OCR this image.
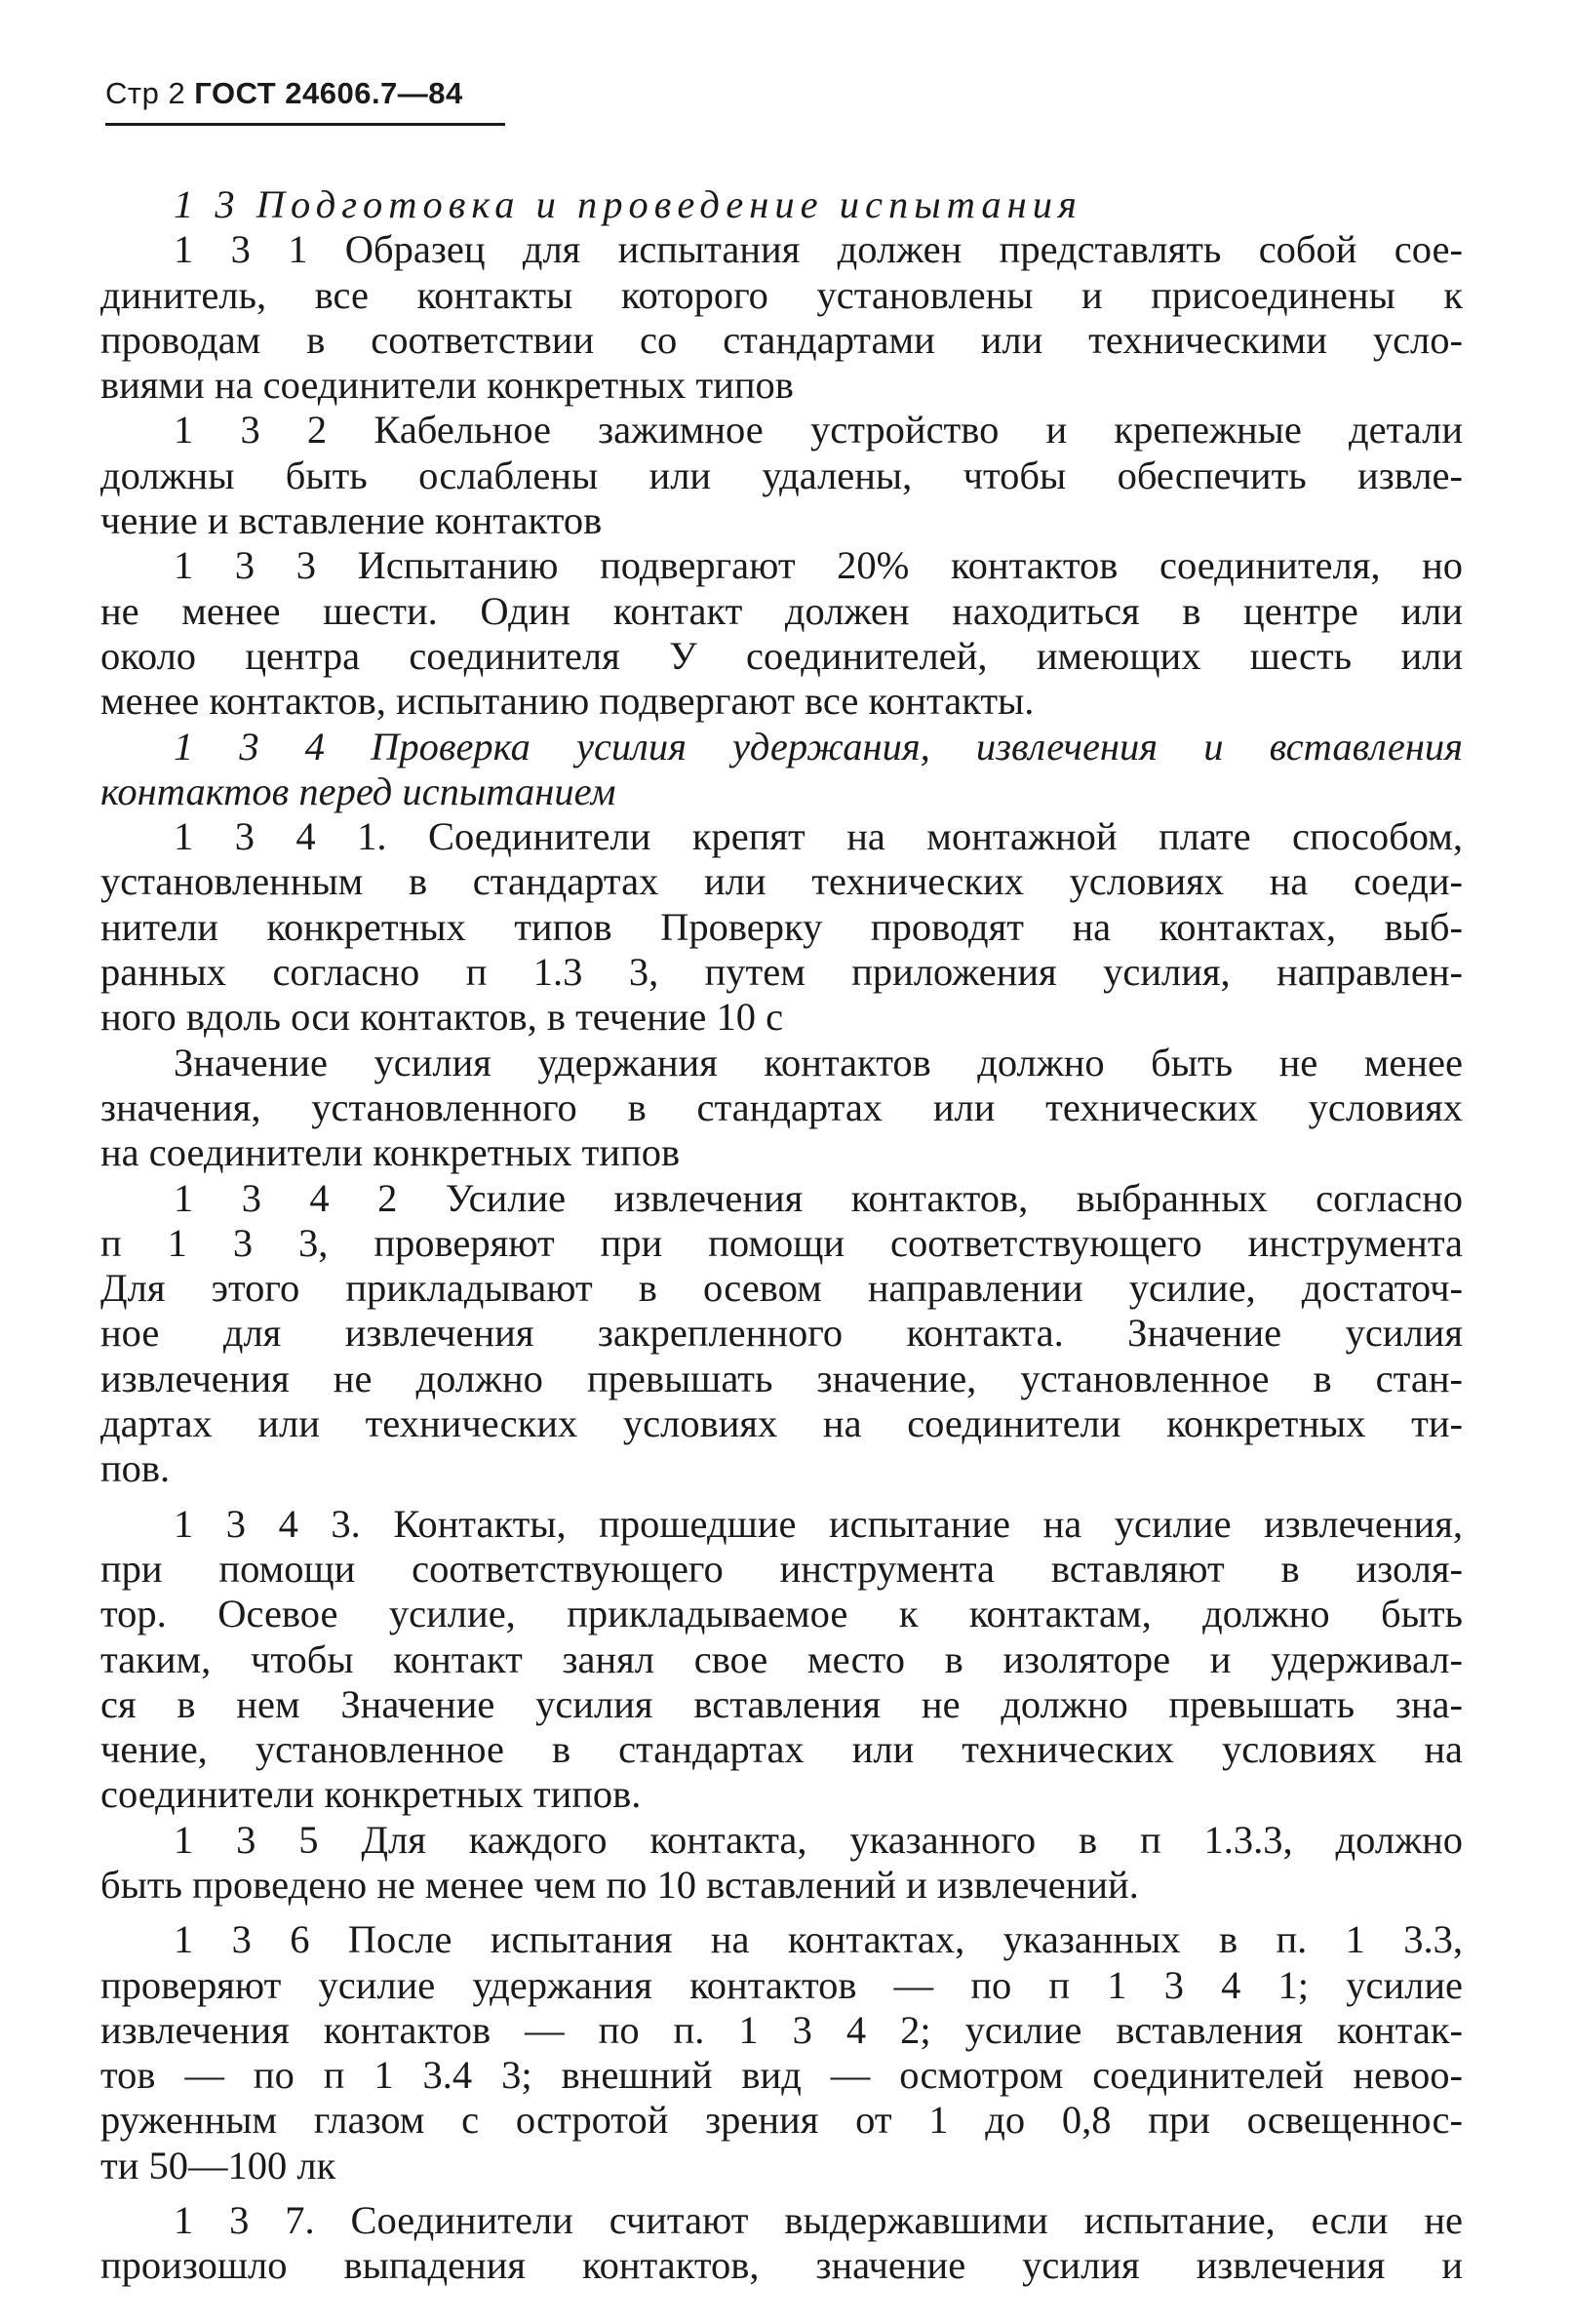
Стр 2 ГОСТ 24606.7—84
1 3 Подготовка и проведение испытания
1 3 1 Образец для испытания должен представлять собой сое-
динитель, все контакты которого установлены и присоединены к
проводам в соответствии со стандартами или техническими усло-
виями на соединители конкретных типов
1 3 2 Кабельное зажимное устройство и крепежные детали
должны быть ослаблены или удалены, чтобы обеспечить извле-
чение и вставление контактов
1 3 3 Испытанию подвергают 20% контактов соединителя, но
не менее шести. Один контакт должен находиться в центре или
около центра соединителя У соединителей, имеющих шесть или
менее контактов, испытанию подвергают все контакты.
1 3 4 Проверка усилия удержания, извлечения и вставления
контактов перед испытанием
1 3 4 1. Соединители крепят на монтажной плате способом,
установленным в стандартах или технических условиях на соеди-
нители конкретных типов Проверку проводят на контактах, выб-
ранных согласно п 1.3 3, путем приложения усилия, направлен-
ного вдоль оси контактов, в течение 10 с
Значение усилия удержания контактов должно быть не менее
значения, установленного в стандартах или технических условиях
на соединители конкретных типов
1 3 4 2 Усилие извлечения контактов, выбранных согласно
п 1 3 3, проверяют при помощи соответствующего инструмента
Для этого прикладывают в осевом направлении усилие, достаточ-
ное для извлечения закрепленного контакта. Значение усилия
извлечения не должно превышать значение, установленное в стан-
дартах или технических условиях на соединители конкретных ти-
пов.
1 3 4 3. Контакты, прошедшие испытание на усилие извлечения,
при помощи соответствующего инструмента вставляют в изоля-
тор. Осевое усилие, прикладываемое к контактам, должно быть
таким, чтобы контакт занял свое место в изоляторе и удерживал-
ся в нем Значение усилия вставления не должно превышать зна-
чение, установленное в стандартах или технических условиях на
соединители конкретных типов.
1 3 5 Для каждого контакта, указанного в п 1.3.3, должно
быть проведено не менее чем по 10 вставлений и извлечений.
1 3 6 После испытания на контактах, указанных в п. 1 3.3,
проверяют усилие удержания контактов — по п 1 3 4 1; усилие
извлечения контактов — по п. 1 3 4 2; усилие вставления контак-
тов — по п 1 3.4 3; внешний вид — осмотром соединителей невоо-
руженным глазом с остротой зрения от 1 до 0,8 при освещеннос-
ти 50—100 лк
1 3 7. Соединители считают выдержавшими испытание, если не
произошло выпадения контактов, значение усилия извлечения и
